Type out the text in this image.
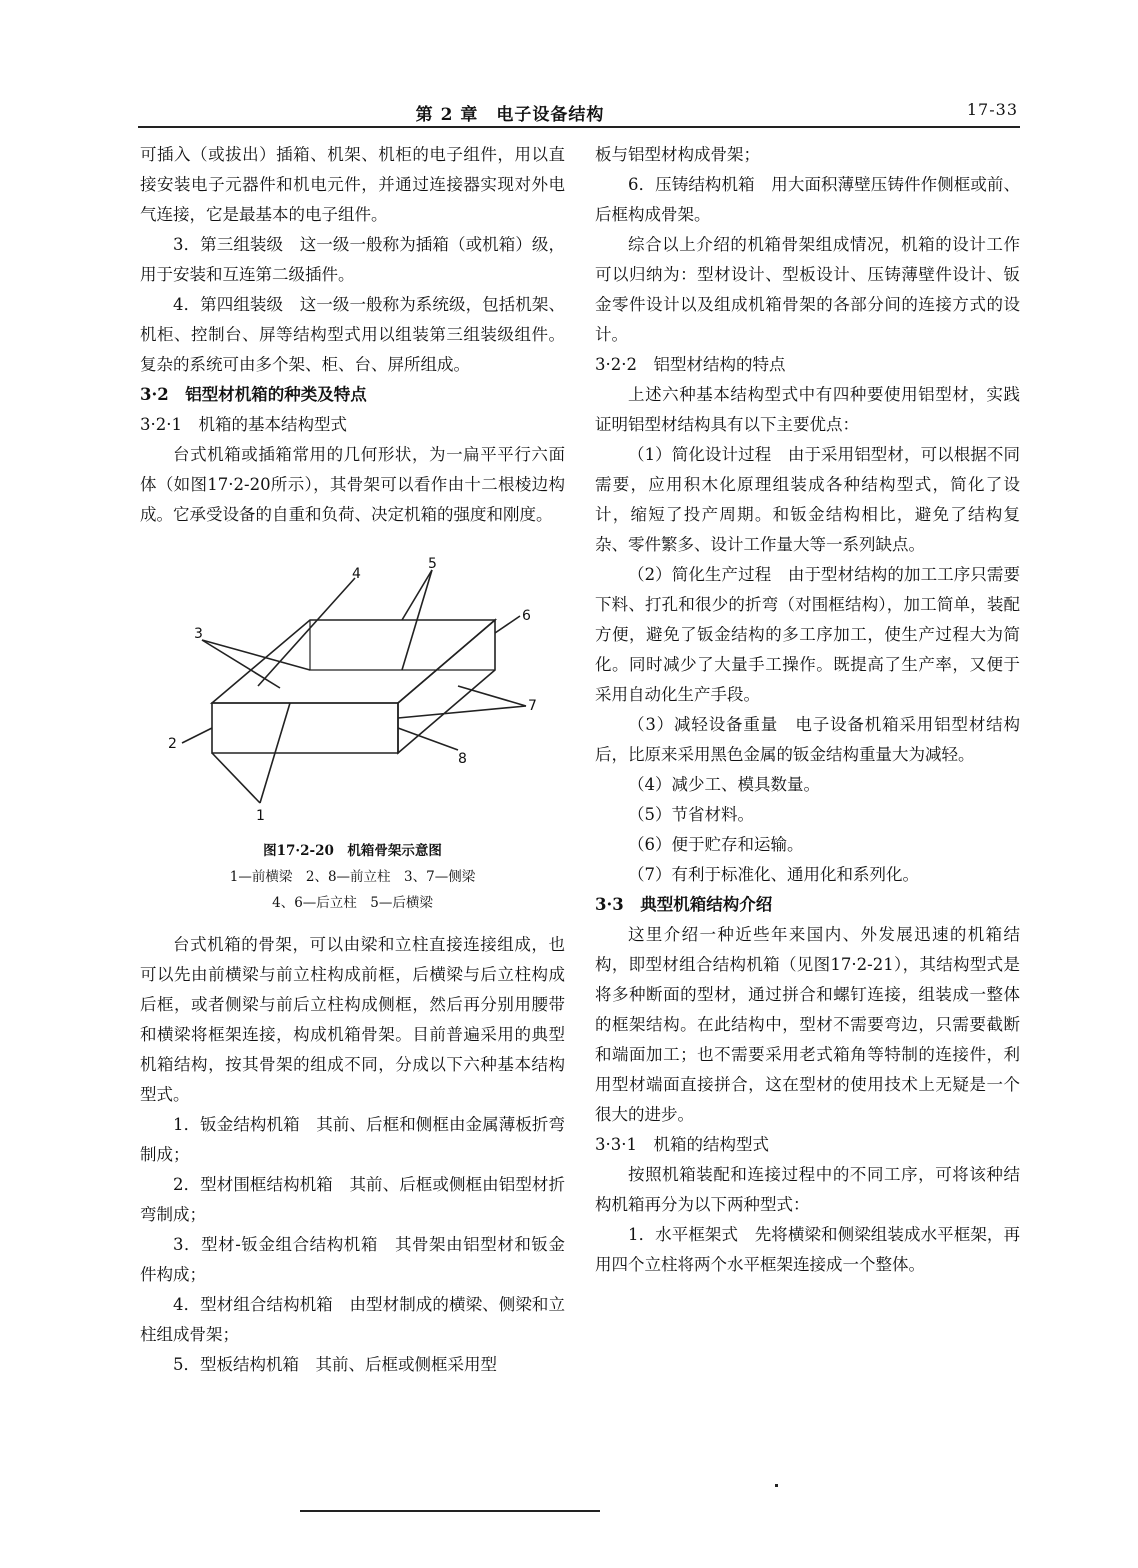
第 2 章　电子设备结构	17-33

可插入（或拔出）插箱、机架、机柜的电子组件，用以直接安装电子元器件和机电元件，并通过连接器实现对外电气连接，它是最基本的电子组件。

3．第三组装级　这一级一般称为插箱（或机箱）级，用于安装和互连第二级插件。

4．第四组装级　这一级一般称为系统级，包括机架、机柜、控制台、屏等结构型式用以组装第三组装级组件。复杂的系统可由多个架、柜、台、屏所组成。

3·2　铝型材机箱的种类及特点

3·2·1　机箱的基本结构型式

台式机箱或插箱常用的几何形状，为一扁平平行六面体（如图17·2-20所示），其骨架可以看作由十二根棱边构成。它承受设备的自重和负荷、决定机箱的强度和刚度。

1
2
3
4
5
6
7
8

图17·2-20　机箱骨架示意图

1—前横梁　2、8—前立柱　3、7—侧梁

4、6—后立柱　5—后横梁

台式机箱的骨架，可以由梁和立柱直接连接组成，也可以先由前横梁与前立柱构成前框，后横梁与后立柱构成后框，或者侧梁与前后立柱构成侧框，然后再分别用腰带和横梁将框架连接，构成机箱骨架。目前普遍采用的典型机箱结构，按其骨架的组成不同，分成以下六种基本结构型式。

1．钣金结构机箱　其前、后框和侧框由金属薄板折弯制成；

2．型材围框结构机箱　其前、后框或侧框由铝型材折弯制成；

3．型材-钣金组合结构机箱　其骨架由铝型材和钣金件构成；

4．型材组合结构机箱　由型材制成的横梁、侧梁和立柱组成骨架；

5．型板结构机箱　其前、后框或侧框采用型

板与铝型材构成骨架；

6．压铸结构机箱　用大面积薄壁压铸件作侧框或前、后框构成骨架。

综合以上介绍的机箱骨架组成情况，机箱的设计工作可以归纳为：型材设计、型板设计、压铸薄壁件设计、钣金零件设计以及组成机箱骨架的各部分间的连接方式的设计。

3·2·2　铝型材结构的特点

上述六种基本结构型式中有四种要使用铝型材，实践证明铝型材结构具有以下主要优点：

（1）简化设计过程　由于采用铝型材，可以根据不同需要，应用积木化原理组装成各种结构型式，简化了设计，缩短了投产周期。和钣金结构相比，避免了结构复杂、零件繁多、设计工作量大等一系列缺点。

（2）简化生产过程　由于型材结构的加工工序只需要下料、打孔和很少的折弯（对围框结构），加工简单，装配方便，避免了钣金结构的多工序加工，使生产过程大为简化。同时减少了大量手工操作。既提高了生产率，又便于采用自动化生产手段。

（3）减轻设备重量　电子设备机箱采用铝型材结构后，比原来采用黑色金属的钣金结构重量大为减轻。

（4）减少工、模具数量。

（5）节省材料。

（6）便于贮存和运输。

（7）有利于标准化、通用化和系列化。

3·3　典型机箱结构介绍

这里介绍一种近些年来国内、外发展迅速的机箱结构，即型材组合结构机箱（见图17·2-21），其结构型式是将多种断面的型材，通过拼合和螺钉连接，组装成一整体的框架结构。在此结构中，型材不需要弯边，只需要截断和端面加工；也不需要采用老式箱角等特制的连接件，利用型材端面直接拼合，这在型材的使用技术上无疑是一个很大的进步。

3·3·1　机箱的结构型式

按照机箱装配和连接过程中的不同工序，可将该种结构机箱再分为以下两种型式：

1．水平框架式　先将横梁和侧梁组装成水平框架，再用四个立柱将两个水平框架连接成一个整体。
